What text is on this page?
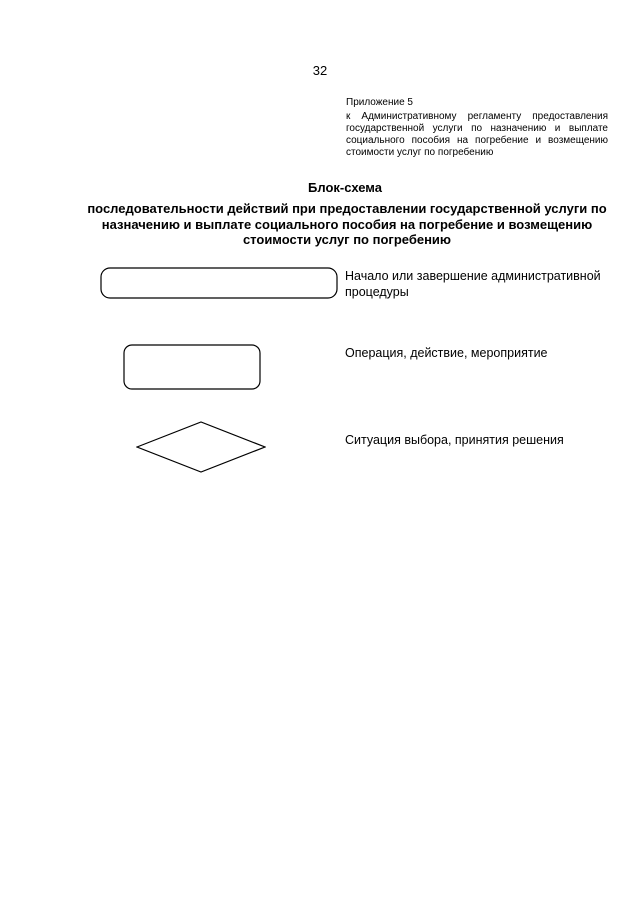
32
Приложение 5
к Административному регламенту предоставления государственной услуги по назначению и выплате социального пособия на погребение и возмещению стоимости услуг по погребению
Блок-схема
последовательности действий при предоставлении государственной услуги по назначению и выплате социального пособия на погребение и возмещению стоимости услуг по погребению
Начало или завершение административной процедуры
Операция, действие, мероприятие
Ситуация выбора, принятия решения
